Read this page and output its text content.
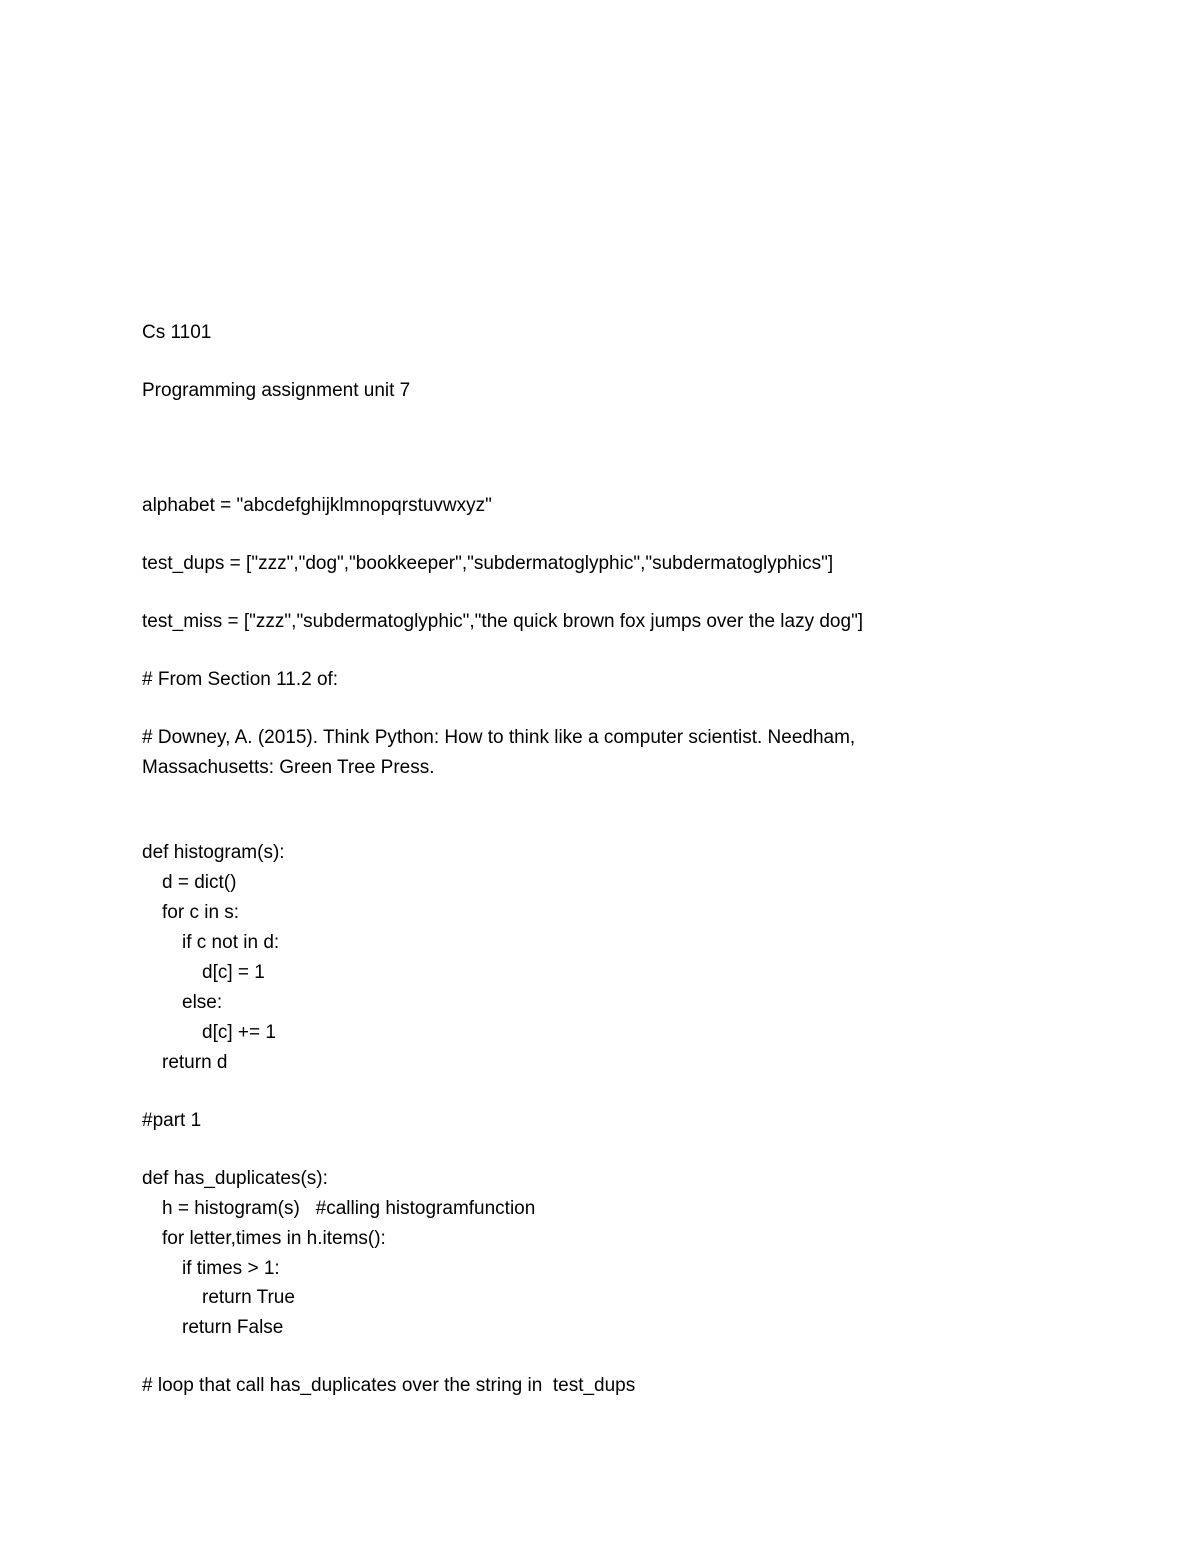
Cs 1101
Programming assignment unit 7
alphabet = "abcdefghijklmnopqrstuvwxyz"
test_dups = ["zzz","dog","bookkeeper","subdermatoglyphic","subdermatoglyphics"]
test_miss = ["zzz","subdermatoglyphic","the quick brown fox jumps over the lazy dog"]
# From Section 11.2 of:
# Downey, A. (2015). Think Python: How to think like a computer scientist. Needham,
Massachusetts: Green Tree Press.
def histogram(s):
d = dict()
for c in s:
if c not in d:
d[c] = 1
else:
d[c] += 1
return d
#part 1
def has_duplicates(s):
h = histogram(s)   #calling histogramfunction
for letter,times in h.items():
if times > 1:
return True
return False
# loop that call has_duplicates over the string in  test_dups
